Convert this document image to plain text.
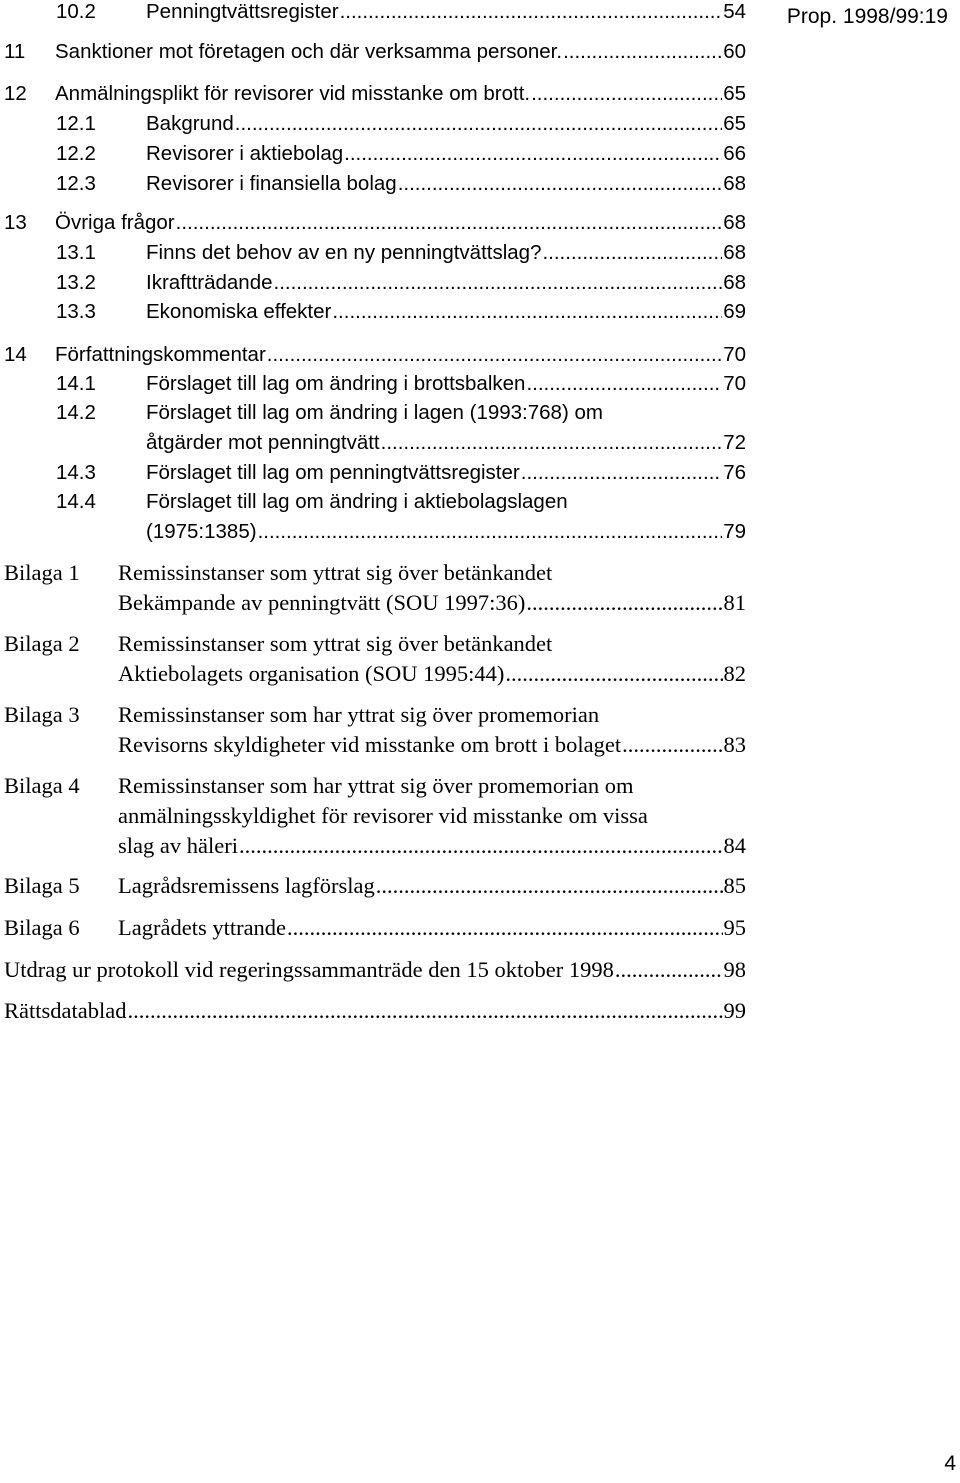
Prop. 1998/99:19
10.2 Penningtvättsregister .....	54
11 Sanktioner mot företagen och där verksamma personer. .....	60
12 Anmälningsplikt för revisorer vid misstanke om brott. .....	65
12.1 Bakgrund .....	65
12.2 Revisorer i aktiebolag .....	66
12.3 Revisorer i finansiella bolag .....	68
13 Övriga frågor .....	68
13.1 Finns det behov av en ny penningtvättslag? .....	68
13.2 Ikraftträdande .....	68
13.3 Ekonomiska effekter .....	69
14 Författningskommentar .....	70
14.1 Förslaget till lag om ändring i brottsbalken .....	70
14.2 Förslaget till lag om ändring i lagen (1993:768) om
åtgärder mot penningtvätt .....	72
14.3 Förslaget till lag om penningtvättsregister .....	76
14.4 Förslaget till lag om ändring i aktiebolagslagen
(1975:1385) .....	79
Bilaga 1 Remissinstanser som yttrat sig över betänkandet
Bekämpande av penningtvätt (SOU 1997:36) .....	81
Bilaga 2 Remissinstanser som yttrat sig över betänkandet
Aktiebolagets organisation (SOU 1995:44) .....	82
Bilaga 3 Remissinstanser som har yttrat sig över promemorian
Revisorns skyldigheter vid misstanke om brott i bolaget .....	83
Bilaga 4 Remissinstanser som har yttrat sig över promemorian om
anmälningsskyldighet för revisorer vid misstanke om vissa
slag av häleri .....	84
Bilaga 5 Lagrådsremissens lagförslag .....	85
Bilaga 6 Lagrådets yttrande .....	95
Utdrag ur protokoll vid regeringssammanträde den 15 oktober 1998 .....	98
Rättsdatablad .....	99
4
